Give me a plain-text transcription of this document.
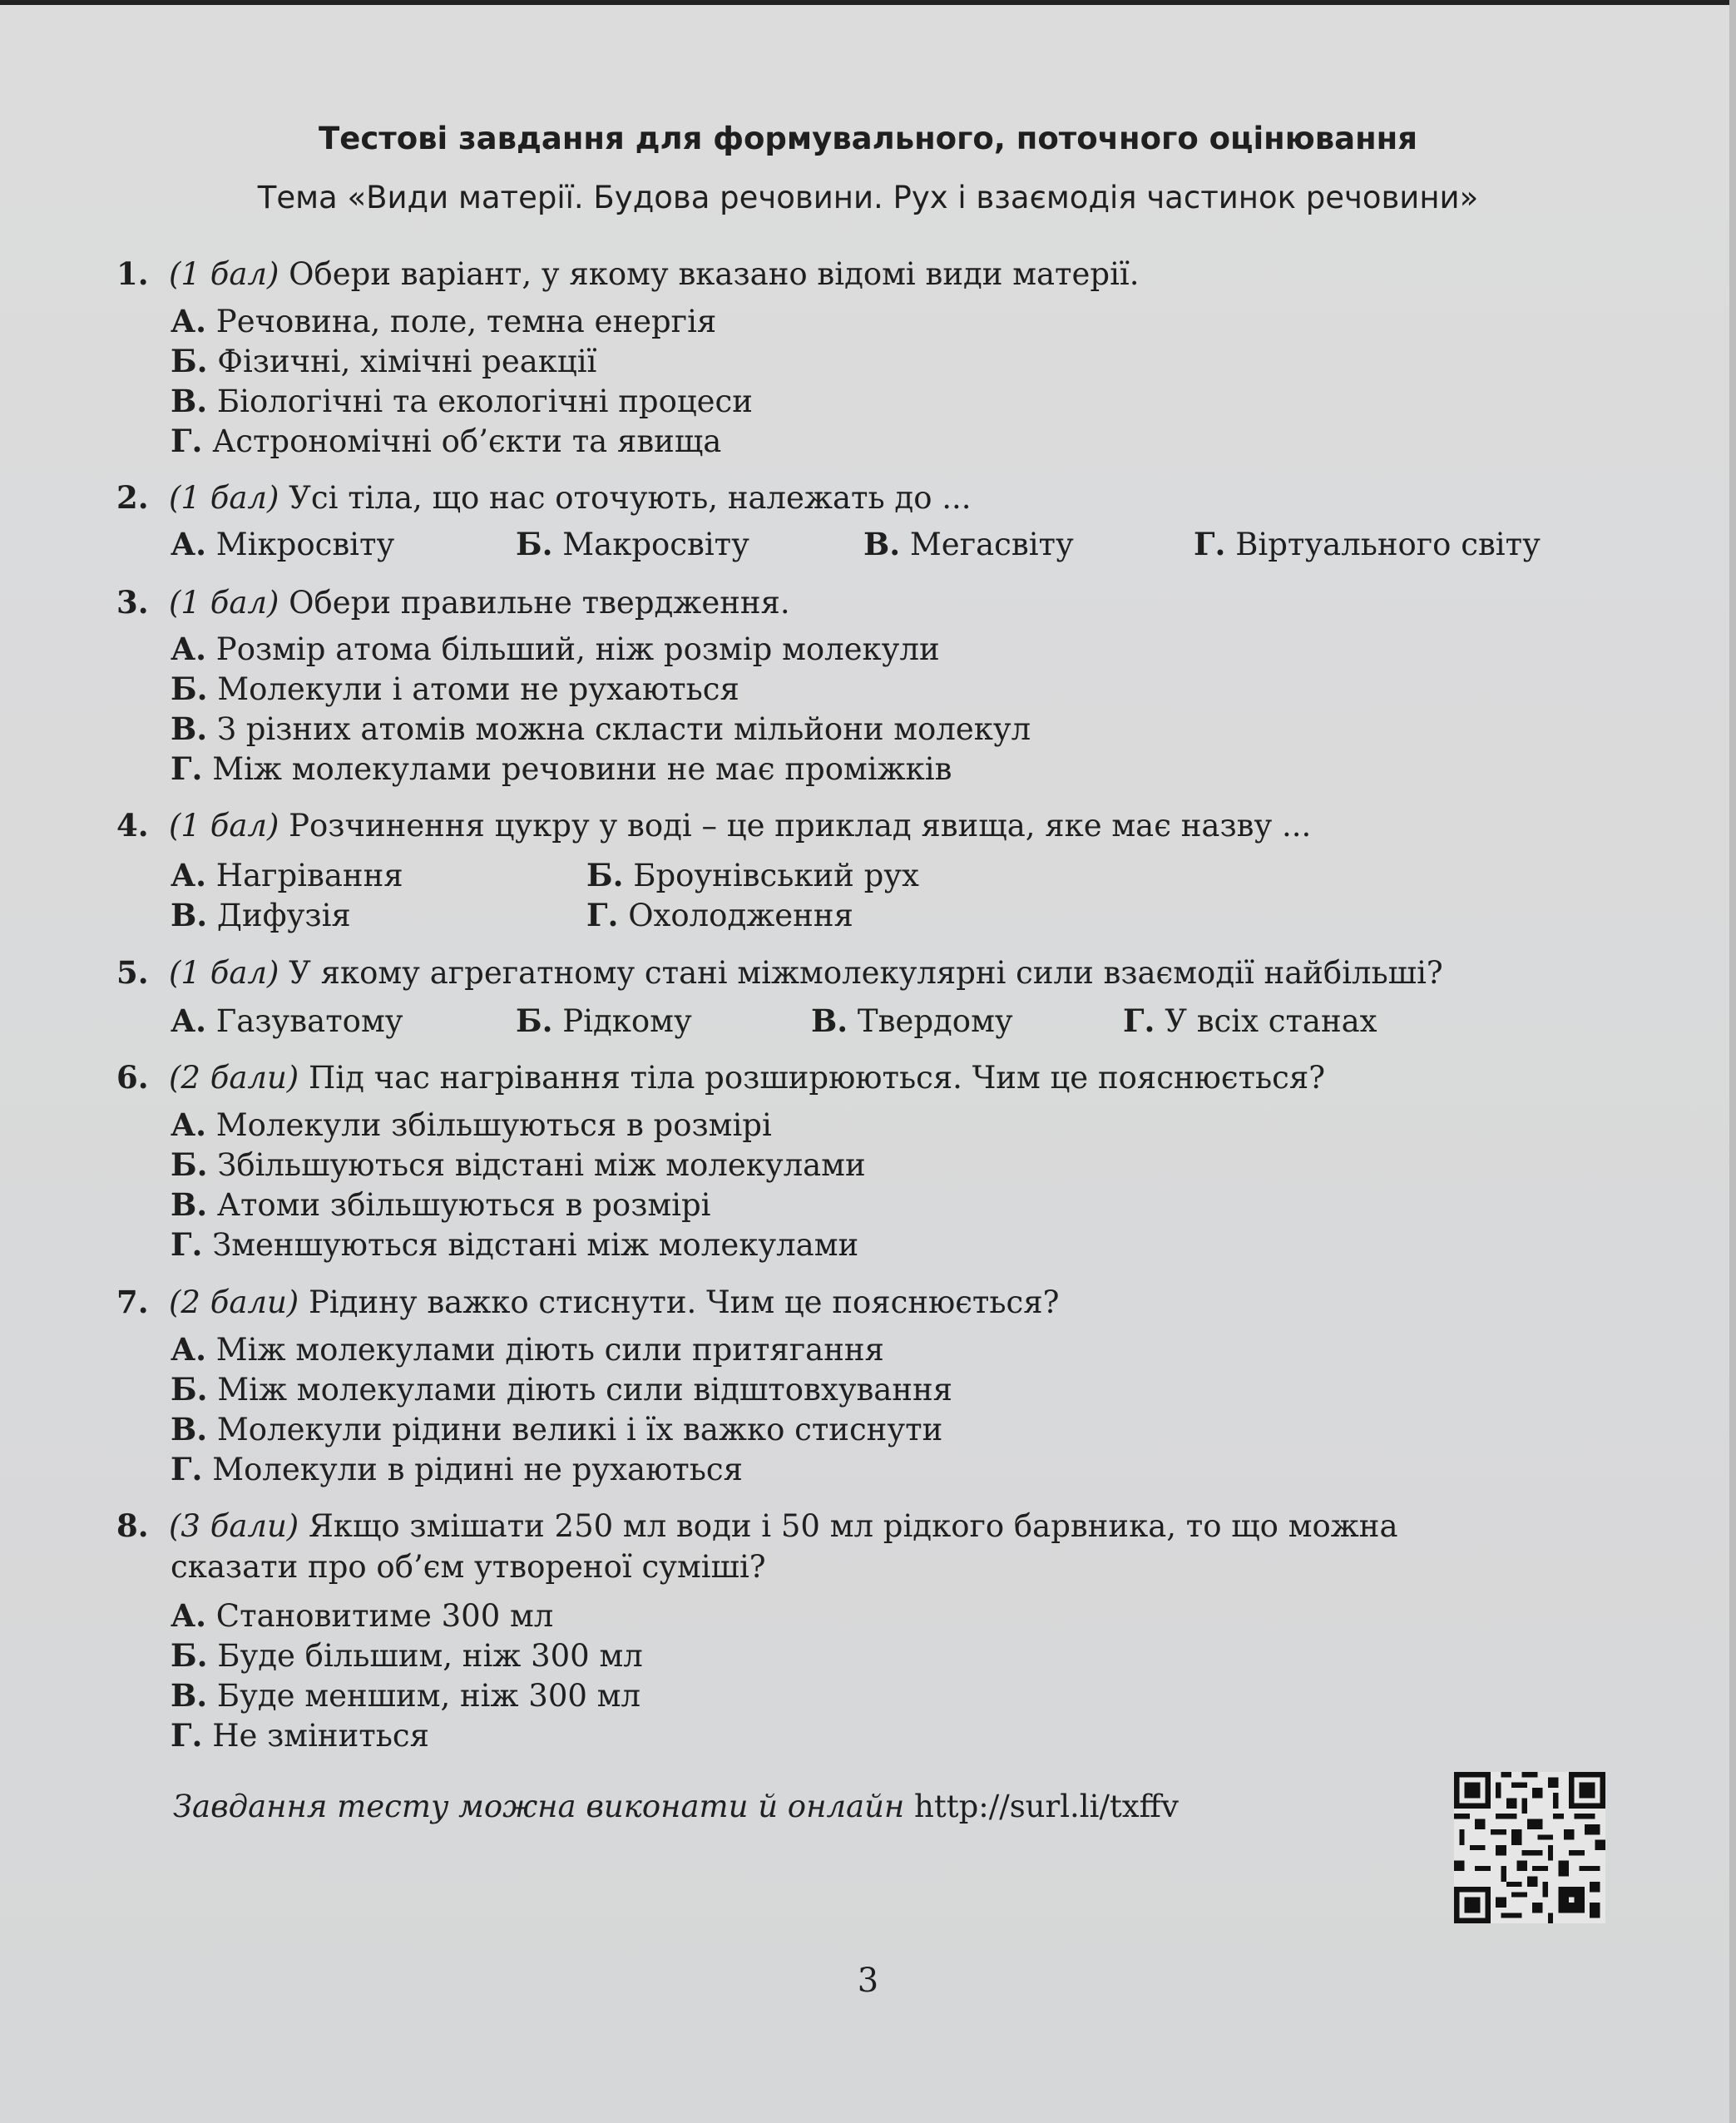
Тестові завдання для формувального, поточного оцінювання
Тема «Види матерії. Будова речовини. Рух і взаємодія частинок речовини»
1. (1 бал) Обери варіант, у якому вказано відомі види матерії.
А. Речовина, поле, темна енергія
Б. Фізичні, хімічні реакції
В. Біологічні та екологічні процеси
Г. Астрономічні об’єкти та явища
2. (1 бал) Усі тіла, що нас оточують, належать до ...
А. Мікросвіту	Б. Макросвіту	В. Мегасвіту	Г. Віртуального світу
3. (1 бал) Обери правильне твердження.
А. Розмір атома більший, ніж розмір молекули
Б. Молекули і атоми не рухаються
В. З різних атомів можна скласти мільйони молекул
Г. Між молекулами речовини не має проміжків
4. (1 бал) Розчинення цукру у воді – це приклад явища, яке має назву ...
А. Нагрівання	Б. Броунівський рух
В. Дифузія	Г. Охолодження
5. (1 бал) У якому агрегатному стані міжмолекулярні сили взаємодії найбільші?
А. Газуватому	Б. Рідкому	В. Твердому	Г. У всіх станах
6. (2 бали) Під час нагрівання тіла розширюються. Чим це пояснюється?
А. Молекули збільшуються в розмірі
Б. Збільшуються відстані між молекулами
В. Атоми збільшуються в розмірі
Г. Зменшуються відстані між молекулами
7. (2 бали) Рідину важко стиснути. Чим це пояснюється?
А. Між молекулами діють сили притягання
Б. Між молекулами діють сили відштовхування
В. Молекули рідини великі і їх важко стиснути
Г. Молекули в рідині не рухаються
8. (3 бали) Якщо змішати 250 мл води і 50 мл рідкого барвника, то що можна
сказати про об’єм утвореної суміші?
А. Становитиме 300 мл
Б. Буде більшим, ніж 300 мл
В. Буде меншим, ніж 300 мл
Г. Не зміниться
Завдання тесту можна виконати й онлайн http://surl.li/txffv
3
